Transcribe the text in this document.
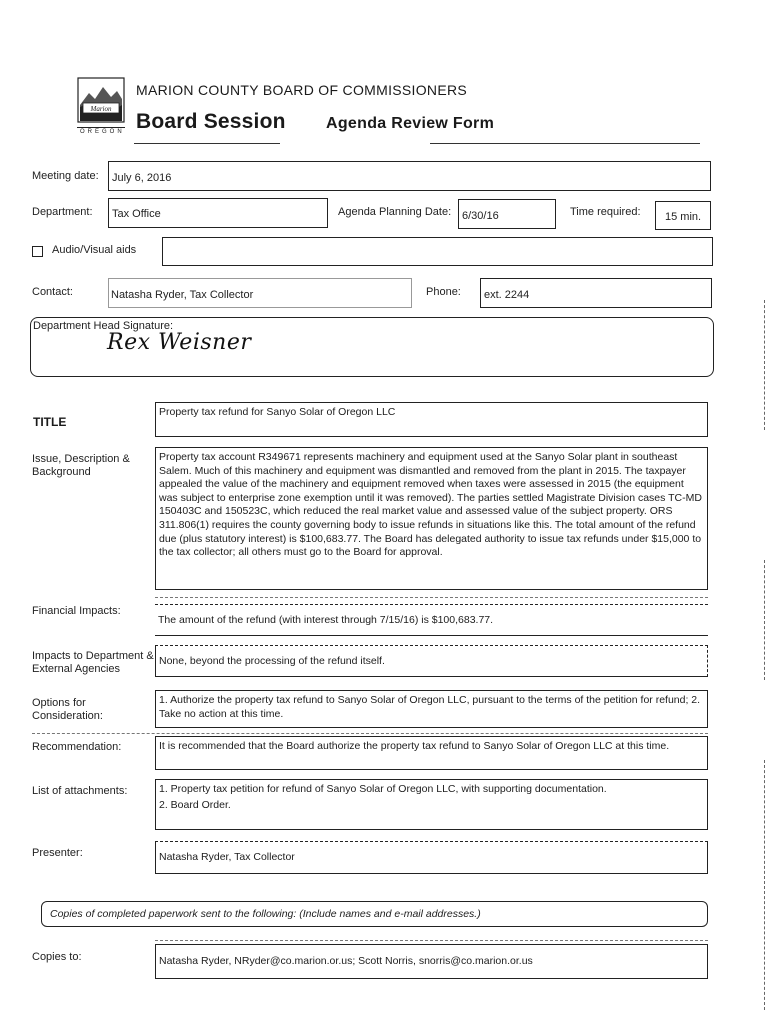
Marion
OREGON
MARION COUNTY BOARD OF COMMISSIONERS
Board Session	Agenda Review Form
Meeting date: July 6, 2016
Department: Tax Office	Agenda Planning Date: 6/30/16	Time required: 15 min.
Audio/Visual aids
Contact:	Natasha Ryder, Tax Collector	Phone: ext. 2244
Department Head Signature:
Rex Weisner
TITLE
Property tax refund for Sanyo Solar of Oregon LLC
Issue, Description & Background
Property tax account R349671 represents machinery and equipment used at the Sanyo Solar plant in southeast Salem. Much of this machinery and equipment was dismantled and removed from the plant in 2015. The taxpayer appealed the value of the machinery and equipment removed when taxes were assessed in 2015 (the equipment was subject to enterprise zone exemption until it was removed). The parties settled Magistrate Division cases TC-MD 150403C and 150523C, which reduced the real market value and assessed value of the subject property. ORS 311.806(1) requires the county governing body to issue refunds in situations like this. The total amount of the refund due (plus statutory interest) is $100,683.77. The Board has delegated authority to issue tax refunds under $15,000 to the tax collector; all others must go to the Board for approval.
Financial Impacts:
The amount of the refund (with interest through 7/15/16) is $100,683.77.
Impacts to Department & External Agencies
None, beyond the processing of the refund itself.
Options for Consideration:
1. Authorize the property tax refund to Sanyo Solar of Oregon LLC, pursuant to the terms of the petition for refund; 2. Take no action at this time.
Recommendation:	It is recommended that the Board authorize the property tax refund to Sanyo Solar of Oregon LLC at this time.
List of attachments:	1. Property tax petition for refund of Sanyo Solar of Oregon LLC, with supporting documentation.
2. Board Order.
Presenter:	Natasha Ryder, Tax Collector
Copies of completed paperwork sent to the following: (Include names and e-mail addresses.)
Copies to:	Natasha Ryder, NRyder@co.marion.or.us; Scott Norris, snorris@co.marion.or.us
